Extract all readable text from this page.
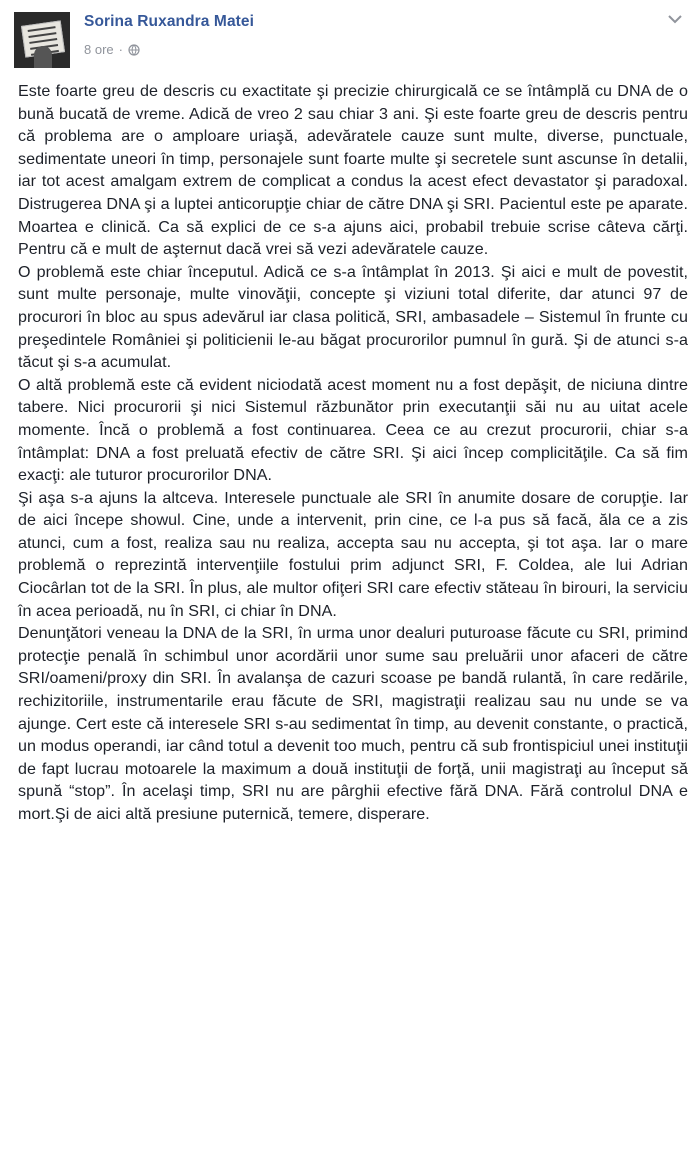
Sorina Ruxandra Matei
8 ore ·

Este foarte greu de descris cu exactitate şi precizie chirurgicală ce se întâmplă cu DNA de o bună bucată de vreme. Adică de vreo 2 sau chiar 3 ani. Şi este foarte greu de descris pentru că problema are o amploare uriaşă, adevăratele cauze sunt multe, diverse, punctuale, sedimentate uneori în timp, personajele sunt foarte multe şi secretele sunt ascunse în detalii, iar tot acest amalgam extrem de complicat a condus la acest efect devastator şi paradoxal. Distrugerea DNA şi a luptei anticorupţie chiar de către DNA şi SRI. Pacientul este pe aparate. Moartea e clinică. Ca să explici de ce s-a ajuns aici, probabil trebuie scrise câteva cărţi. Pentru că e mult de aşternut dacă vrei să vezi adevăratele cauze.

O problemă este chiar începutul. Adică ce s-a întâmplat în 2013. Şi aici e mult de povestit, sunt multe personaje, multe vinovăţii, concepte şi viziuni total diferite, dar atunci 97 de procurori în bloc au spus adevărul iar clasa politică, SRI, ambasadele – Sistemul în frunte cu preşedintele României şi politicienii le-au băgat procurorilor pumnul în gură. Şi de atunci s-a tăcut şi s-a acumulat.

O altă problemă este că evident niciodată acest moment nu a fost depăşit, de niciuna dintre tabere. Nici procurorii şi nici Sistemul răzbunător prin executanţii săi nu au uitat acele momente. Încă o problemă a fost continuarea. Ceea ce au crezut procurorii, chiar s-a întâmplat: DNA a fost preluată efectiv de către SRI. Şi aici încep complicităţile. Ca să fim exacţi: ale tuturor procurorilor DNA.

Şi aşa s-a ajuns la altceva. Interesele punctuale ale SRI în anumite dosare de corupţie. Iar de aici începe showul. Cine, unde a intervenit, prin cine, ce l-a pus să facă, ăla ce a zis atunci, cum a fost, realiza sau nu realiza, accepta sau nu accepta, şi tot aşa. Iar o mare problemă o reprezintă intervenţiile fostului prim adjunct SRI, F. Coldea, ale lui Adrian Ciocârlan tot de la SRI. În plus, ale multor ofiţeri SRI care efectiv stăteau în birouri, la serviciu în acea perioadă, nu în SRI, ci chiar în DNA.

Denunţători veneau la DNA de la SRI, în urma unor dealuri puturoase făcute cu SRI, primind protecţie penală în schimbul unor acordării unor sume sau preluării unor afaceri de către SRI/oameni/proxy din SRI. În avalanşa de cazuri scoase pe bandă rulantă, în care redările, rechizitoriile, instrumentarile erau făcute de SRI, magistraţii realizau sau nu unde se va ajunge. Cert este că interesele SRI s-au sedimentat în timp, au devenit constante, o practică, un modus operandi, iar când totul a devenit too much, pentru că sub frontispiciul unei instituţii de fapt lucrau motoarele la maximum a două instituţii de forţă, unii magistraţi au început să spună “stop”. În acelaşi timp, SRI nu are pârghii efective fără DNA. Fără controlul DNA e mort.Şi de aici altă presiune puternică, temere, disperare.
